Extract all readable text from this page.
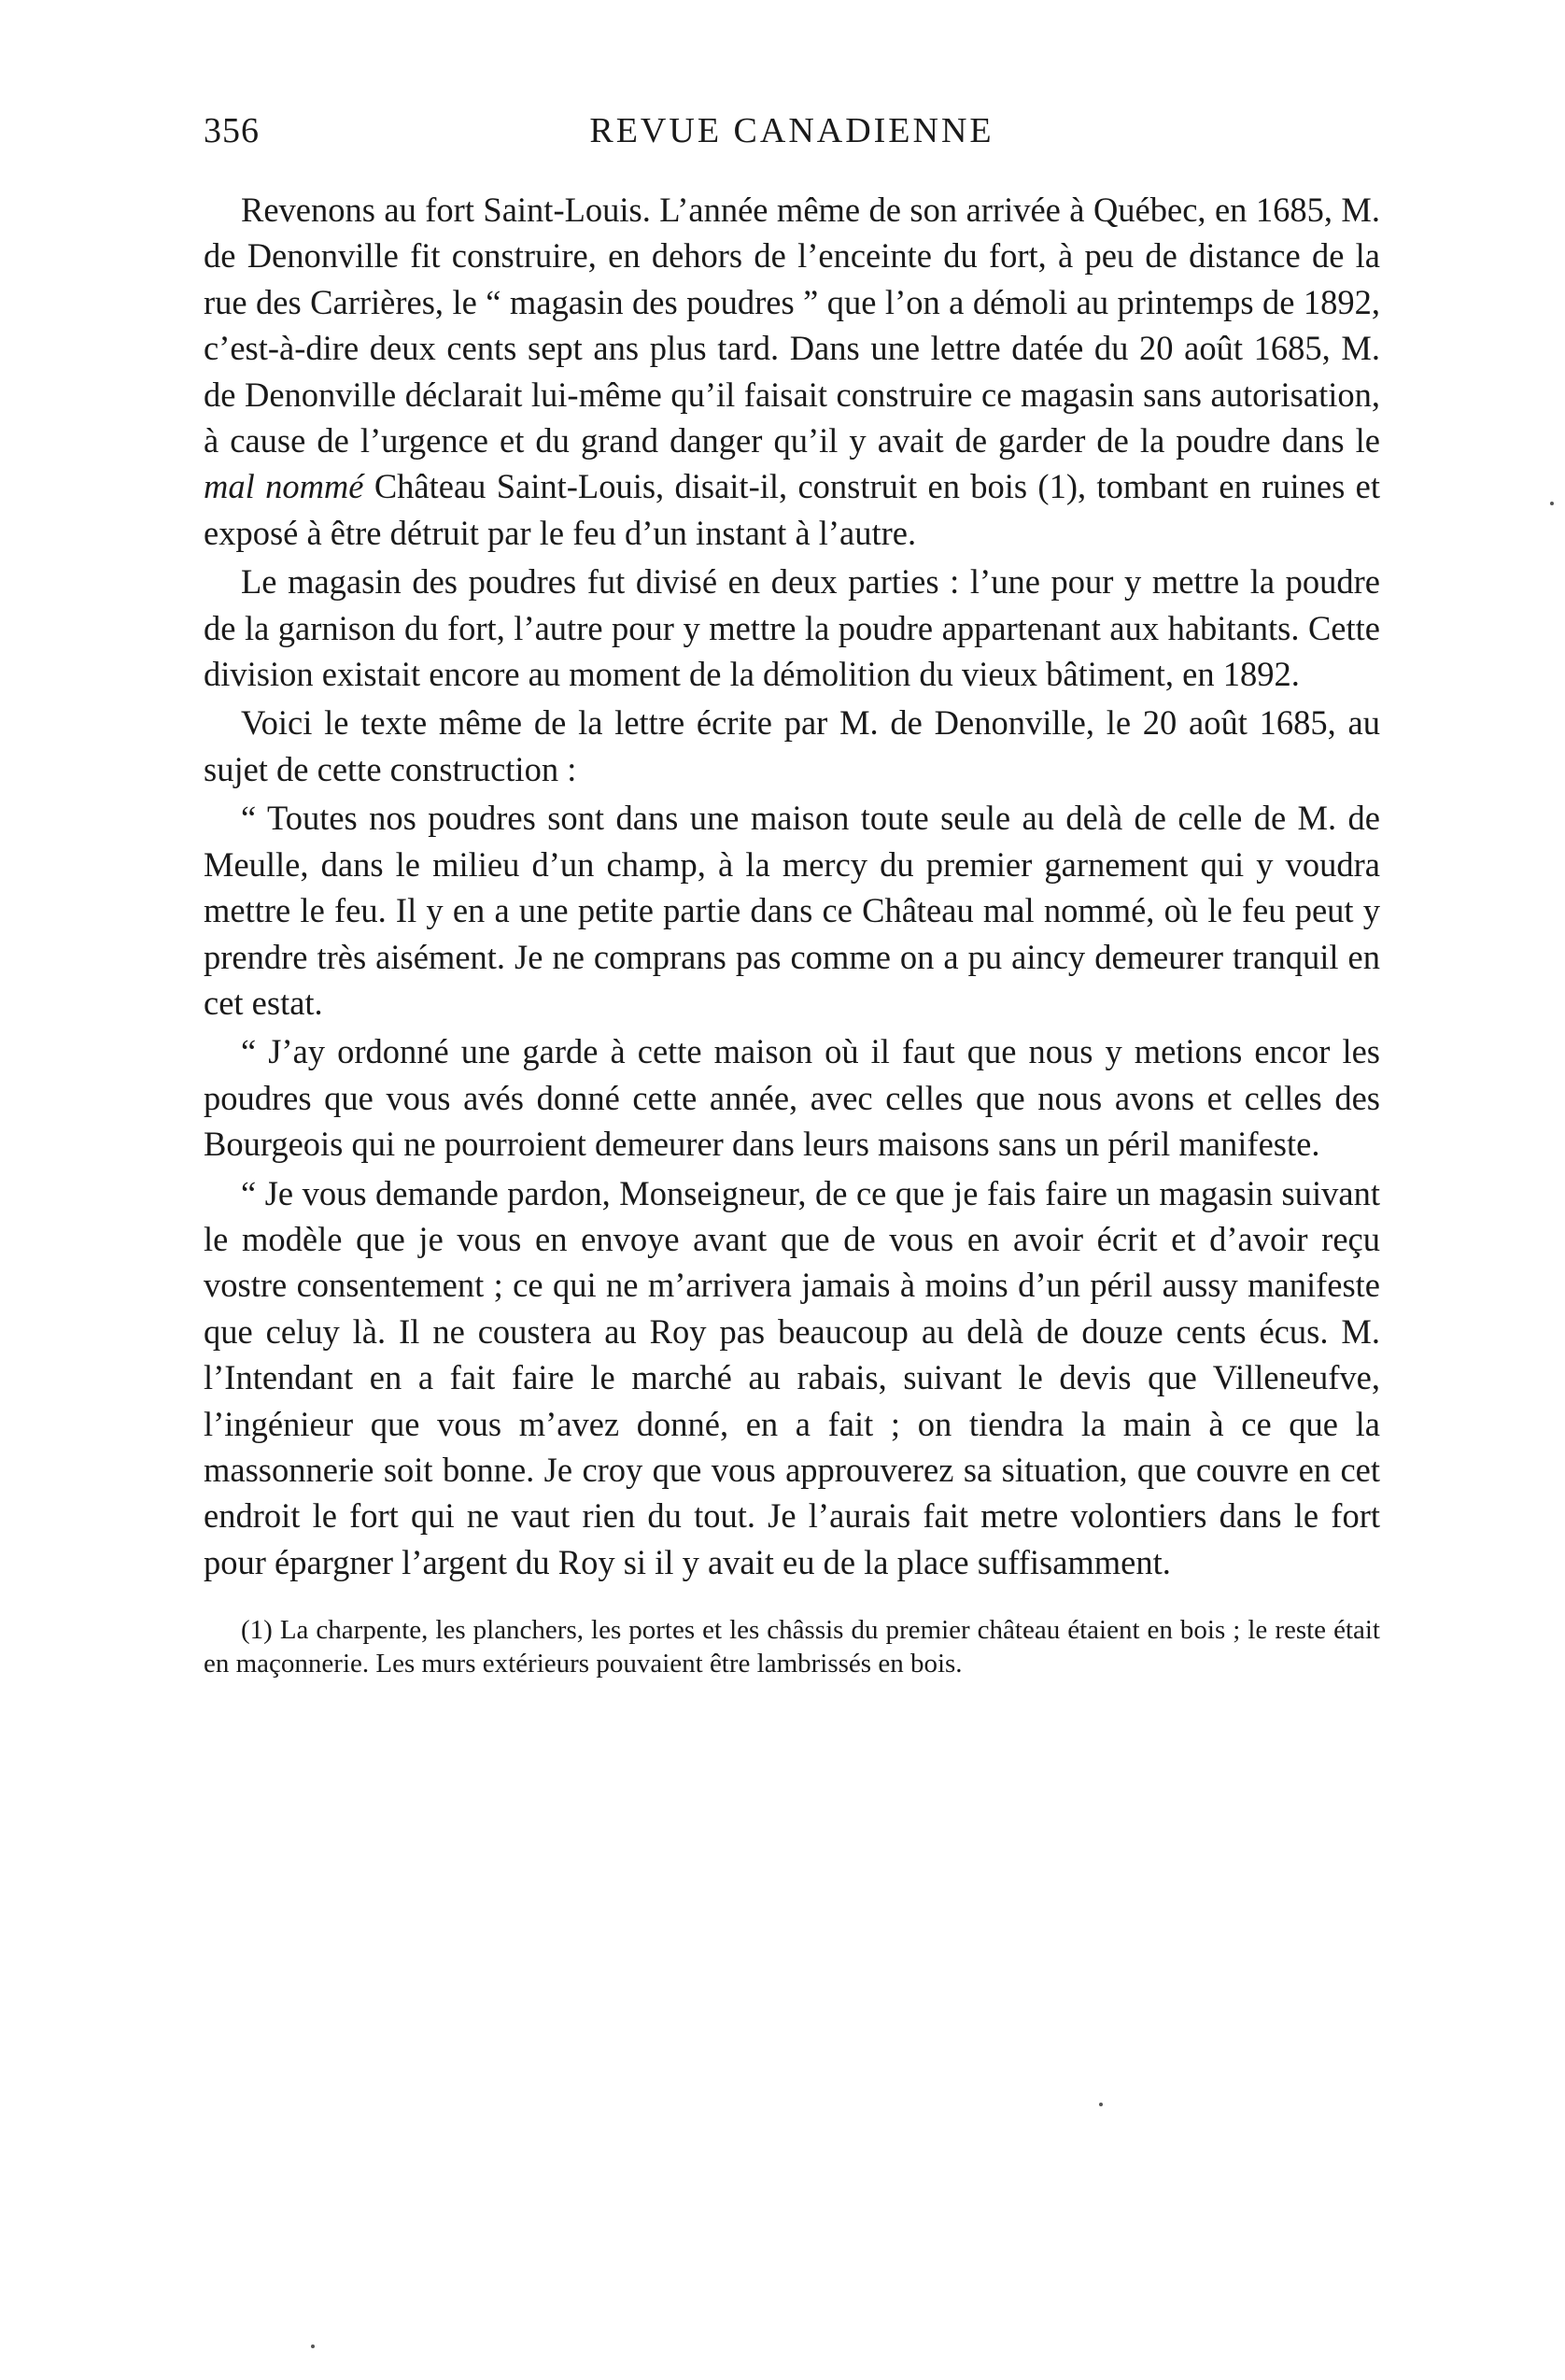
356	REVUE CANADIENNE

Revenons au fort Saint-Louis. L’année même de son arrivée à Québec, en 1685, M. de Denonville fit construire, en dehors de l’enceinte du fort, à peu de distance de la rue des Carrières, le “ magasin des poudres ” que l’on a démoli au printemps de 1892, c’est-à-dire deux cents sept ans plus tard. Dans une lettre datée du 20 août 1685, M. de Denonville déclarait lui-même qu’il faisait construire ce magasin sans autorisation, à cause de l’urgence et du grand danger qu’il y avait de garder de la poudre dans le mal nommé Château Saint-Louis, disait-il, construit en bois (1), tombant en ruines et exposé à être détruit par le feu d’un instant à l’autre.

Le magasin des poudres fut divisé en deux parties : l’une pour y mettre la poudre de la garnison du fort, l’autre pour y mettre la poudre appartenant aux habitants. Cette division existait encore au moment de la démolition du vieux bâtiment, en 1892.

Voici le texte même de la lettre écrite par M. de Denonville, le 20 août 1685, au sujet de cette construction :

“ Toutes nos poudres sont dans une maison toute seule au delà de celle de M. de Meulle, dans le milieu d’un champ, à la mercy du premier garnement qui y voudra mettre le feu. Il y en a une petite partie dans ce Château mal nommé, où le feu peut y prendre très aisément. Je ne comprans pas comme on a pu aincy demeurer tranquil en cet estat.

“ J’ay ordonné une garde à cette maison où il faut que nous y metions encor les poudres que vous avés donné cette année, avec celles que nous avons et celles des Bourgeois qui ne pourroient demeurer dans leurs maisons sans un péril manifeste.

“ Je vous demande pardon, Monseigneur, de ce que je fais faire un magasin suivant le modèle que je vous en envoye avant que de vous en avoir écrit et d’avoir reçu vostre consentement ; ce qui ne m’arrivera jamais à moins d’un péril aussy manifeste que celuy là. Il ne coustera au Roy pas beaucoup au delà de douze cents écus. M. l’Intendant en a fait faire le marché au rabais, suivant le devis que Villeneufve, l’ingénieur que vous m’avez donné, en a fait ; on tiendra la main à ce que la massonnerie soit bonne. Je croy que vous approuverez sa situation, que couvre en cet endroit le fort qui ne vaut rien du tout. Je l’aurais fait metre volontiers dans le fort pour épargner l’argent du Roy si il y avait eu de la place suffisamment.

(1) La charpente, les planchers, les portes et les châssis du premier château étaient en bois ; le reste était en maçonnerie. Les murs extérieurs pouvaient être lambrissés en bois.
